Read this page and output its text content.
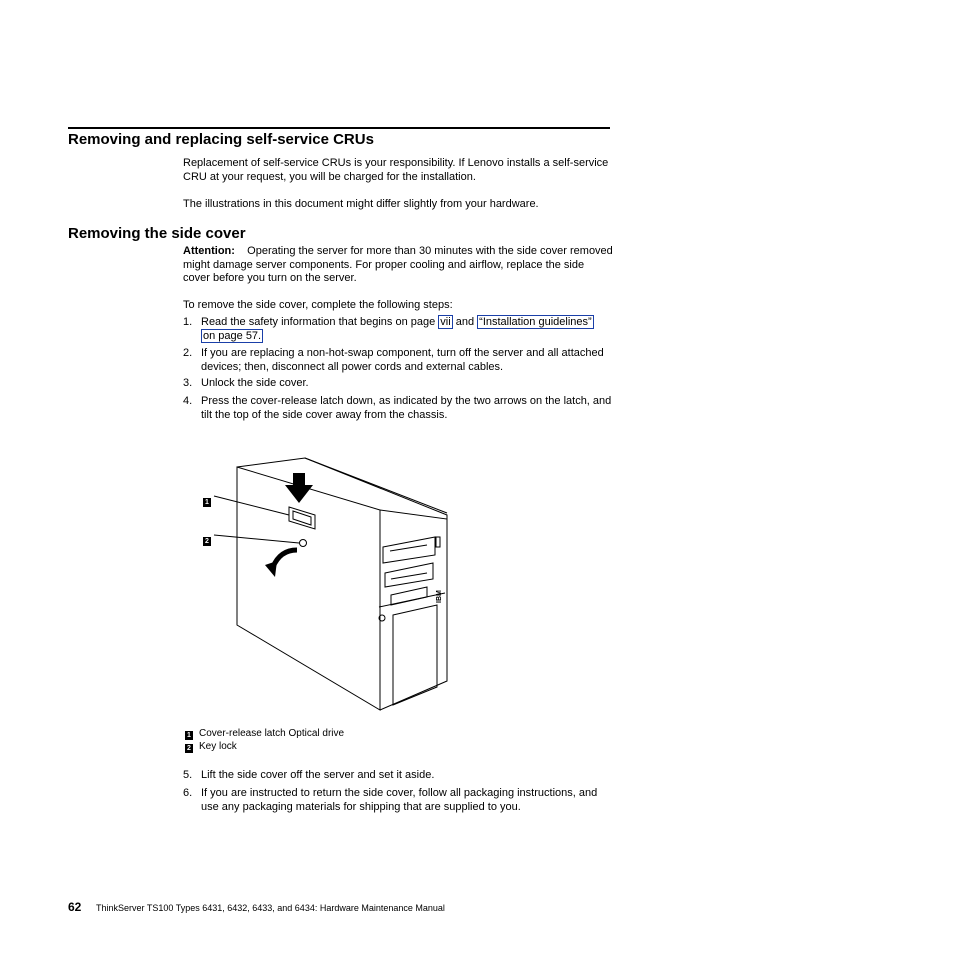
Removing and replacing self-service CRUs
Replacement of self-service CRUs is your responsibility. If Lenovo installs a self-service CRU at your request, you will be charged for the installation.
The illustrations in this document might differ slightly from your hardware.
Removing the side cover
Attention: Operating the server for more than 30 minutes with the side cover removed might damage server components. For proper cooling and airflow, replace the side cover before you turn on the server.
To remove the side cover, complete the following steps:
1. Read the safety information that begins on page vii and “Installation guidelines”
on page 57.
2. If you are replacing a non-hot-swap component, turn off the server and all attached devices; then, disconnect all power cords and external cables.
3. Unlock the side cover.
4. Press the cover-release latch down, as indicated by the two arrows on the latch, and tilt the top of the side cover away from the chassis.
1
2
IBM
1 Cover-release latch Optical drive
2 Key lock
5. Lift the side cover off the server and set it aside.
6. If you are instructed to return the side cover, follow all packaging instructions, and use any packaging materials for shipping that are supplied to you.
62 ThinkServer TS100 Types 6431, 6432, 6433, and 6434: Hardware Maintenance Manual
